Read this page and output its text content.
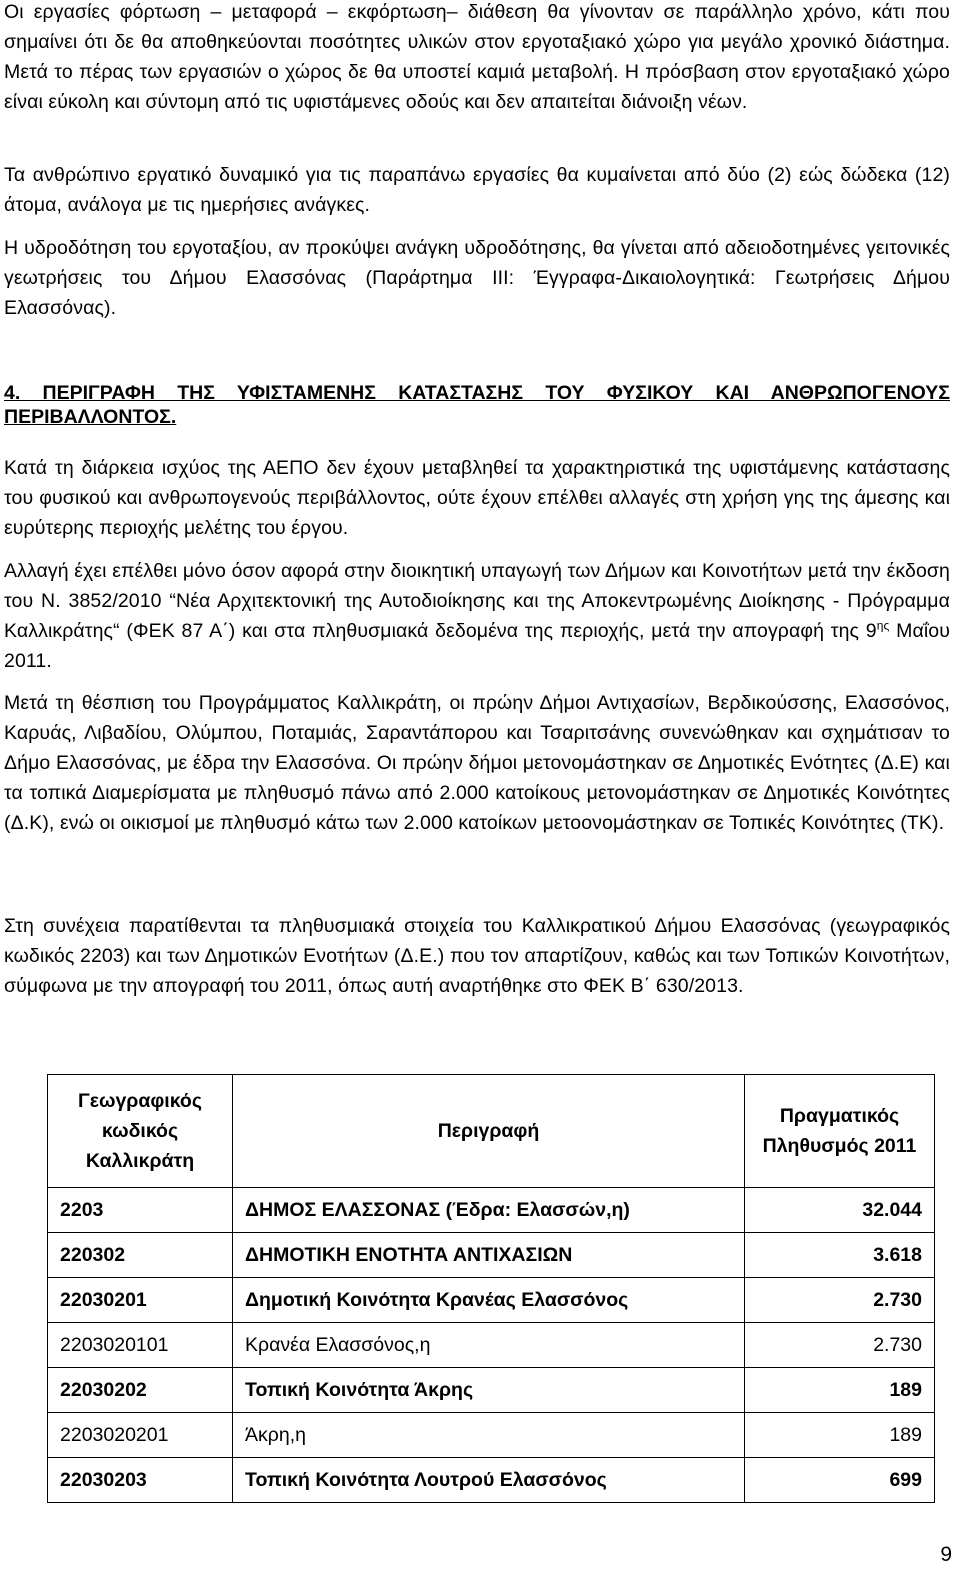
Οι εργασίες φόρτωση – μεταφορά – εκφόρτωση– διάθεση θα γίνονταν σε παράλληλο χρόνο, κάτι που σημαίνει ότι δε θα αποθηκεύονται ποσότητες υλικών στον εργοταξιακό χώρο για μεγάλο χρονικό διάστημα. Μετά το πέρας των εργασιών ο χώρος δε θα υποστεί καμιά μεταβολή. Η πρόσβαση στον εργοταξιακό χώρο είναι εύκολη και σύντομη από τις υφιστάμενες οδούς και δεν απαιτείται διάνοιξη νέων.

Τα ανθρώπινο εργατικό δυναμικό για τις παραπάνω εργασίες θα κυμαίνεται από δύο (2) εώς δώδεκα (12) άτομα, ανάλογα με τις ημερήσιες ανάγκες.

Η υδροδότηση του εργοταξίου, αν προκύψει ανάγκη υδροδότησης, θα γίνεται από αδειοδοτημένες γειτονικές γεωτρήσεις του Δήμου Ελασσόνας (Παράρτημα III: Έγγραφα-Δικαιολογητικά: Γεωτρήσεις Δήμου Ελασσόνας).

4. ΠΕΡΙΓΡΑΦΗ ΤΗΣ ΥΦΙΣΤΑΜΕΝΗΣ ΚΑΤΑΣΤΑΣΗΣ ΤΟΥ ΦΥΣΙΚΟΥ ΚΑΙ ΑΝΘΡΩΠΟΓΕΝΟΥΣ ΠΕΡΙΒΑΛΛΟΝΤΟΣ.

Κατά τη διάρκεια ισχύος της ΑΕΠΟ δεν έχουν μεταβληθεί τα χαρακτηριστικά της υφιστάμενης κατάστασης του φυσικού και ανθρωπογενούς περιβάλλοντος, ούτε έχουν επέλθει αλλαγές στη χρήση γης της άμεσης και ευρύτερης περιοχής μελέτης του έργου.

Αλλαγή έχει επέλθει μόνο όσον αφορά στην διοικητική υπαγωγή των Δήμων και Κοινοτήτων μετά την έκδοση του Ν. 3852/2010 “Νέα Αρχιτεκτονική της Αυτοδιοίκησης και της Αποκεντρωμένης Διοίκησης - Πρόγραμμα Καλλικράτης“ (ΦΕΚ 87 Α΄) και στα πληθυσμιακά δεδομένα της περιοχής, μετά την απογραφή της $9^{\eta\varsigma}$ Μαΐου 2011.

Μετά τη θέσπιση του Προγράμματος Καλλικράτη, οι πρώην Δήμοι Αντιχασίων, Βερδικούσσης, Ελασσόνος, Καρυάς, Λιβαδίου, Ολύμπου, Ποταμιάς, Σαραντάπορου και Τσαριτσάνης συνενώθηκαν και σχημάτισαν το Δήμο Ελασσόνας, με έδρα την Ελασσόνα. Οι πρώην δήμοι μετονομάστηκαν σε Δημοτικές Ενότητες (Δ.Ε) και τα τοπικά Διαμερίσματα με πληθυσμό πάνω από 2.000 κατοίκους μετονομάστηκαν σε Δημοτικές Κοινότητες (Δ.Κ), ενώ οι οικισμοί με πληθυσμό κάτω των 2.000 κατοίκων μετοονομάστηκαν σε Τοπικές Κοινότητες (ΤΚ).

Στη συνέχεια παρατίθενται τα πληθυσμιακά στοιχεία του Καλλικρατικού Δήμου Ελασσόνας (γεωγραφικός κωδικός 2203) και των Δημοτικών Ενοτήτων (Δ.Ε.) που τον απαρτίζουν, καθώς και των Τοπικών Κοινοτήτων, σύμφωνα με την απογραφή του 2011, όπως αυτή αναρτήθηκε στο ΦΕΚ Β΄ 630/2013.

Γεωγραφικός κωδικός Καλλικράτη	Περιγραφή	Πραγματικός Πληθυσμός 2011
2203	ΔΗΜΟΣ ΕΛΑΣΣΟΝΑΣ (Έδρα: Ελασσών,η)	32.044
220302	ΔΗΜΟΤΙΚΗ ΕΝΟΤΗΤΑ ΑΝΤΙΧΑΣΙΩΝ	3.618
22030201	Δημοτική Κοινότητα Κρανέας Ελασσόνος	2.730
2203020101	Κρανέα Ελασσόνος,η	2.730
22030202	Τοπική Κοινότητα Άκρης	189
2203020201	Άκρη,η	189
22030203	Τοπική Κοινότητα Λουτρού Ελασσόνος	699
9
